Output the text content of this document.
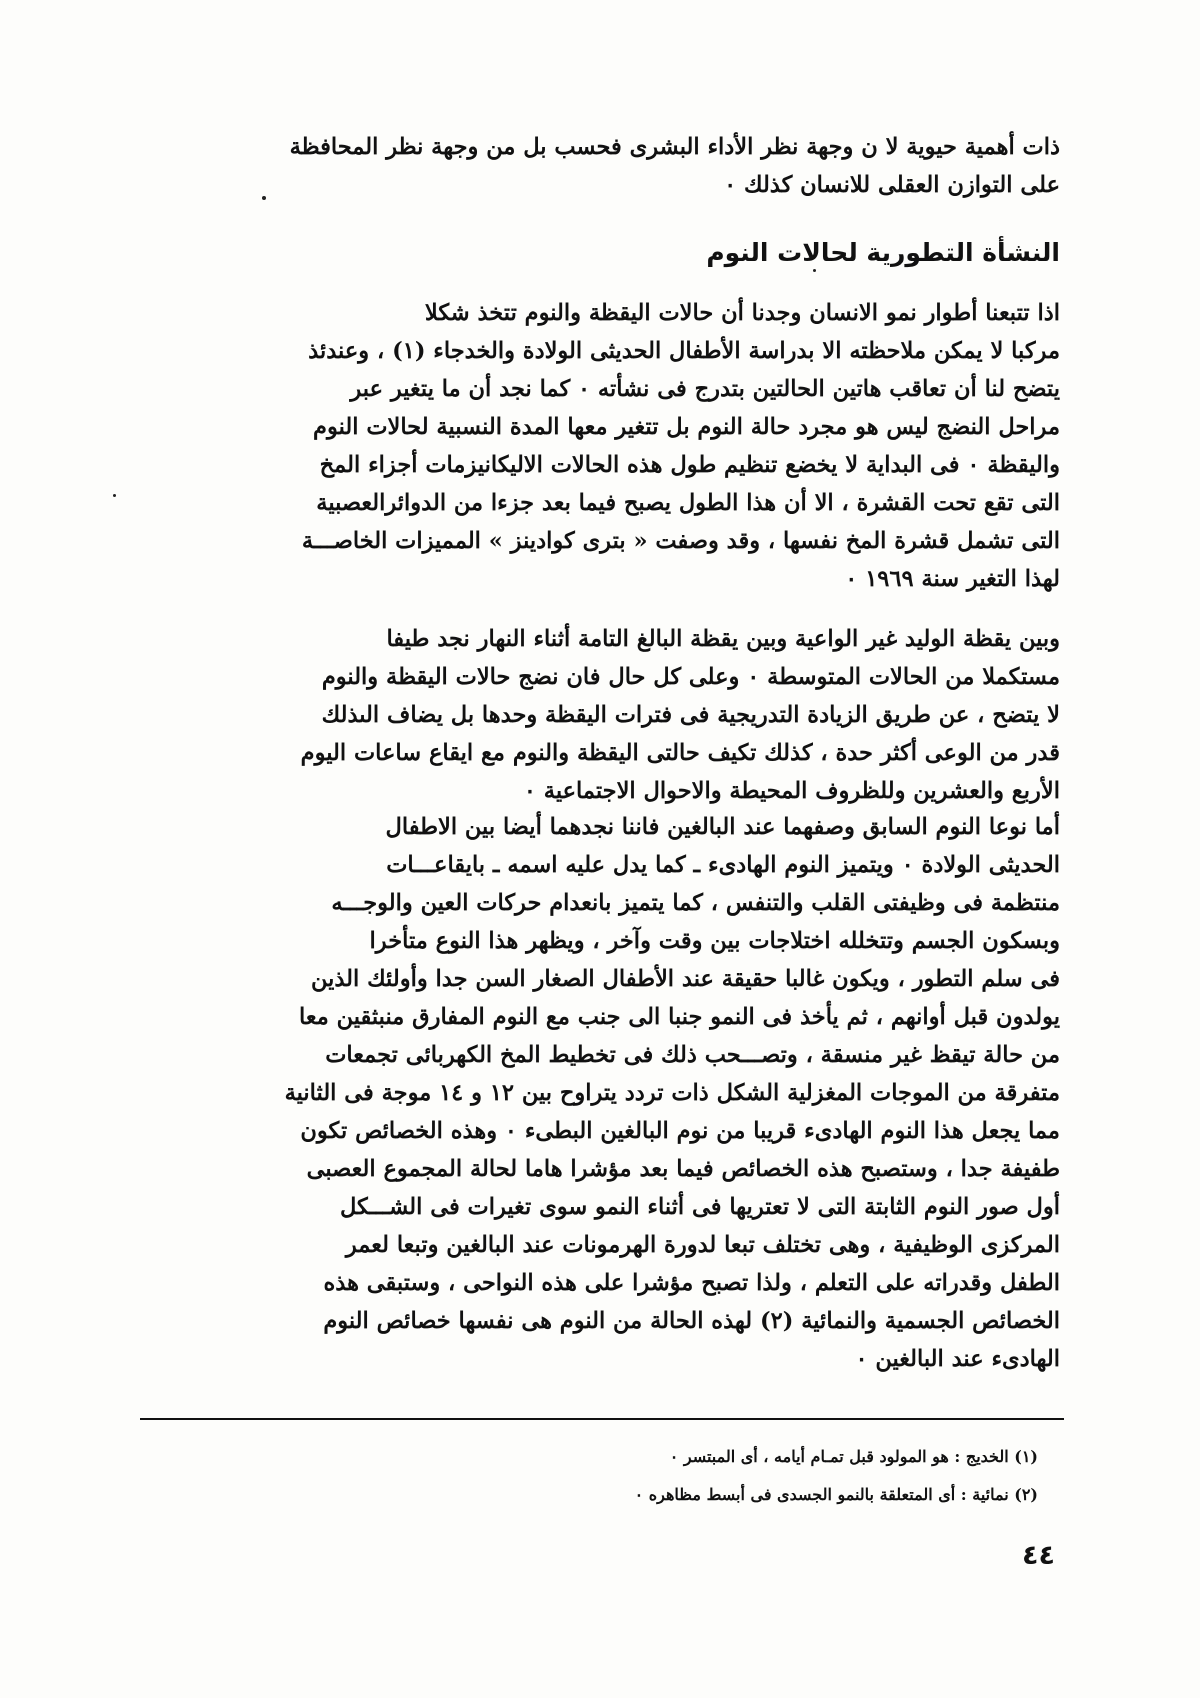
ذات أهمية حيوية لا ن وجهة نظر الأداء البشرى فحسب بل من وجهة نظر المحافظة
على التوازن العقلى للانسان كذلك ٠
النشأة التطورية لحالات النوم
اذا تتبعنا أطوار نمو الانسان وجدنا أن حالات اليقظة والنوم تتخذ شكلا
مركبا لا يمكن ملاحظته الا بدراسة الأطفال الحديثى الولادة والخدجاء (١) ، وعندئذ
يتضح لنا أن تعاقب هاتين الحالتين بتدرج فى نشأته ٠ كما نجد أن ما يتغير عبر
مراحل النضج ليس هو مجرد حالة النوم بل تتغير معها المدة النسبية لحالات النوم
واليقظة ٠ فى البداية لا يخضع تنظيم طول هذه الحالات الاليكانيزمات أجزاء المخ
التى تقع تحت القشرة ، الا أن هذا الطول يصبح فيما بعد جزءا من الدوائرالعصبية
التى تشمل قشرة المخ نفسها ، وقد وصفت « بترى كوادينز » المميزات الخاصـــة
لهذا التغير سنة ١٩٦٩ ٠
وبين يقظة الوليد غير الواعية وبين يقظة البالغ التامة أثناء النهار نجد طيفا
مستكملا من الحالات المتوسطة ٠ وعلى كل حال فان نضج حالات اليقظة والنوم
لا يتضح ، عن طريق الزيادة التدريجية فى فترات اليقظة وحدها بل يضاف الىذلك
قدر من الوعى أكثر حدة ، كذلك تكيف حالتى اليقظة والنوم مع ايقاع ساعات اليوم
الأربع والعشرين وللظروف المحيطة والاحوال الاجتماعية ٠
أما نوعا النوم السابق وصفهما عند البالغين فاننا نجدهما أيضا بين الاطفال
الحديثى الولادة ٠ ويتميز النوم الهادىء ـ كما يدل عليه اسمه ـ بايقاعـــات
منتظمة فى وظيفتى القلب والتنفس ، كما يتميز بانعدام حركات العين والوجـــه
وبسكون الجسم وتتخلله اختلاجات بين وقت وآخر ، ويظهر هذا النوع متأخرا
فى سلم التطور ، ويكون غالبا حقيقة عند الأطفال الصغار السن جدا وأولئك الذين
يولدون قبل أوانهم ، ثم يأخذ فى النمو جنبا الى جنب مع النوم المفارق منبثقين معا
من حالة تيقظ غير منسقة ، وتصـــحب ذلك فى تخطيط المخ الكهربائى تجمعات
متفرقة من الموجات المغزلية الشكل ذات تردد يتراوح بين ١٢ و ١٤ موجة فى الثانية
مما يجعل هذا النوم الهادىء قريبا من نوم البالغين البطىء ٠ وهذه الخصائص تكون
طفيفة جدا ، وستصبح هذه الخصائص فيما بعد مؤشرا هاما لحالة المجموع العصبى
أول صور النوم الثابتة التى لا تعتريها فى أثناء النمو سوى تغيرات فى الشـــكل
المركزى الوظيفية ، وهى تختلف تبعا لدورة الهرمونات عند البالغين وتبعا لعمر
الطفل وقدراته على التعلم ، ولذا تصبح مؤشرا على هذه النواحى ، وستبقى هذه
الخصائص الجسمية والنمائية (٢) لهذه الحالة من النوم هى نفسها خصائص النوم
الهادىء عند البالغين ٠
(١) الخديج : هو المولود قبل تمـام أيامه ، أى المبتسر ٠
(٢) نمائية : أى المتعلقة بالنمو الجسدى فى أبسط مظاهره ٠
٤٤
